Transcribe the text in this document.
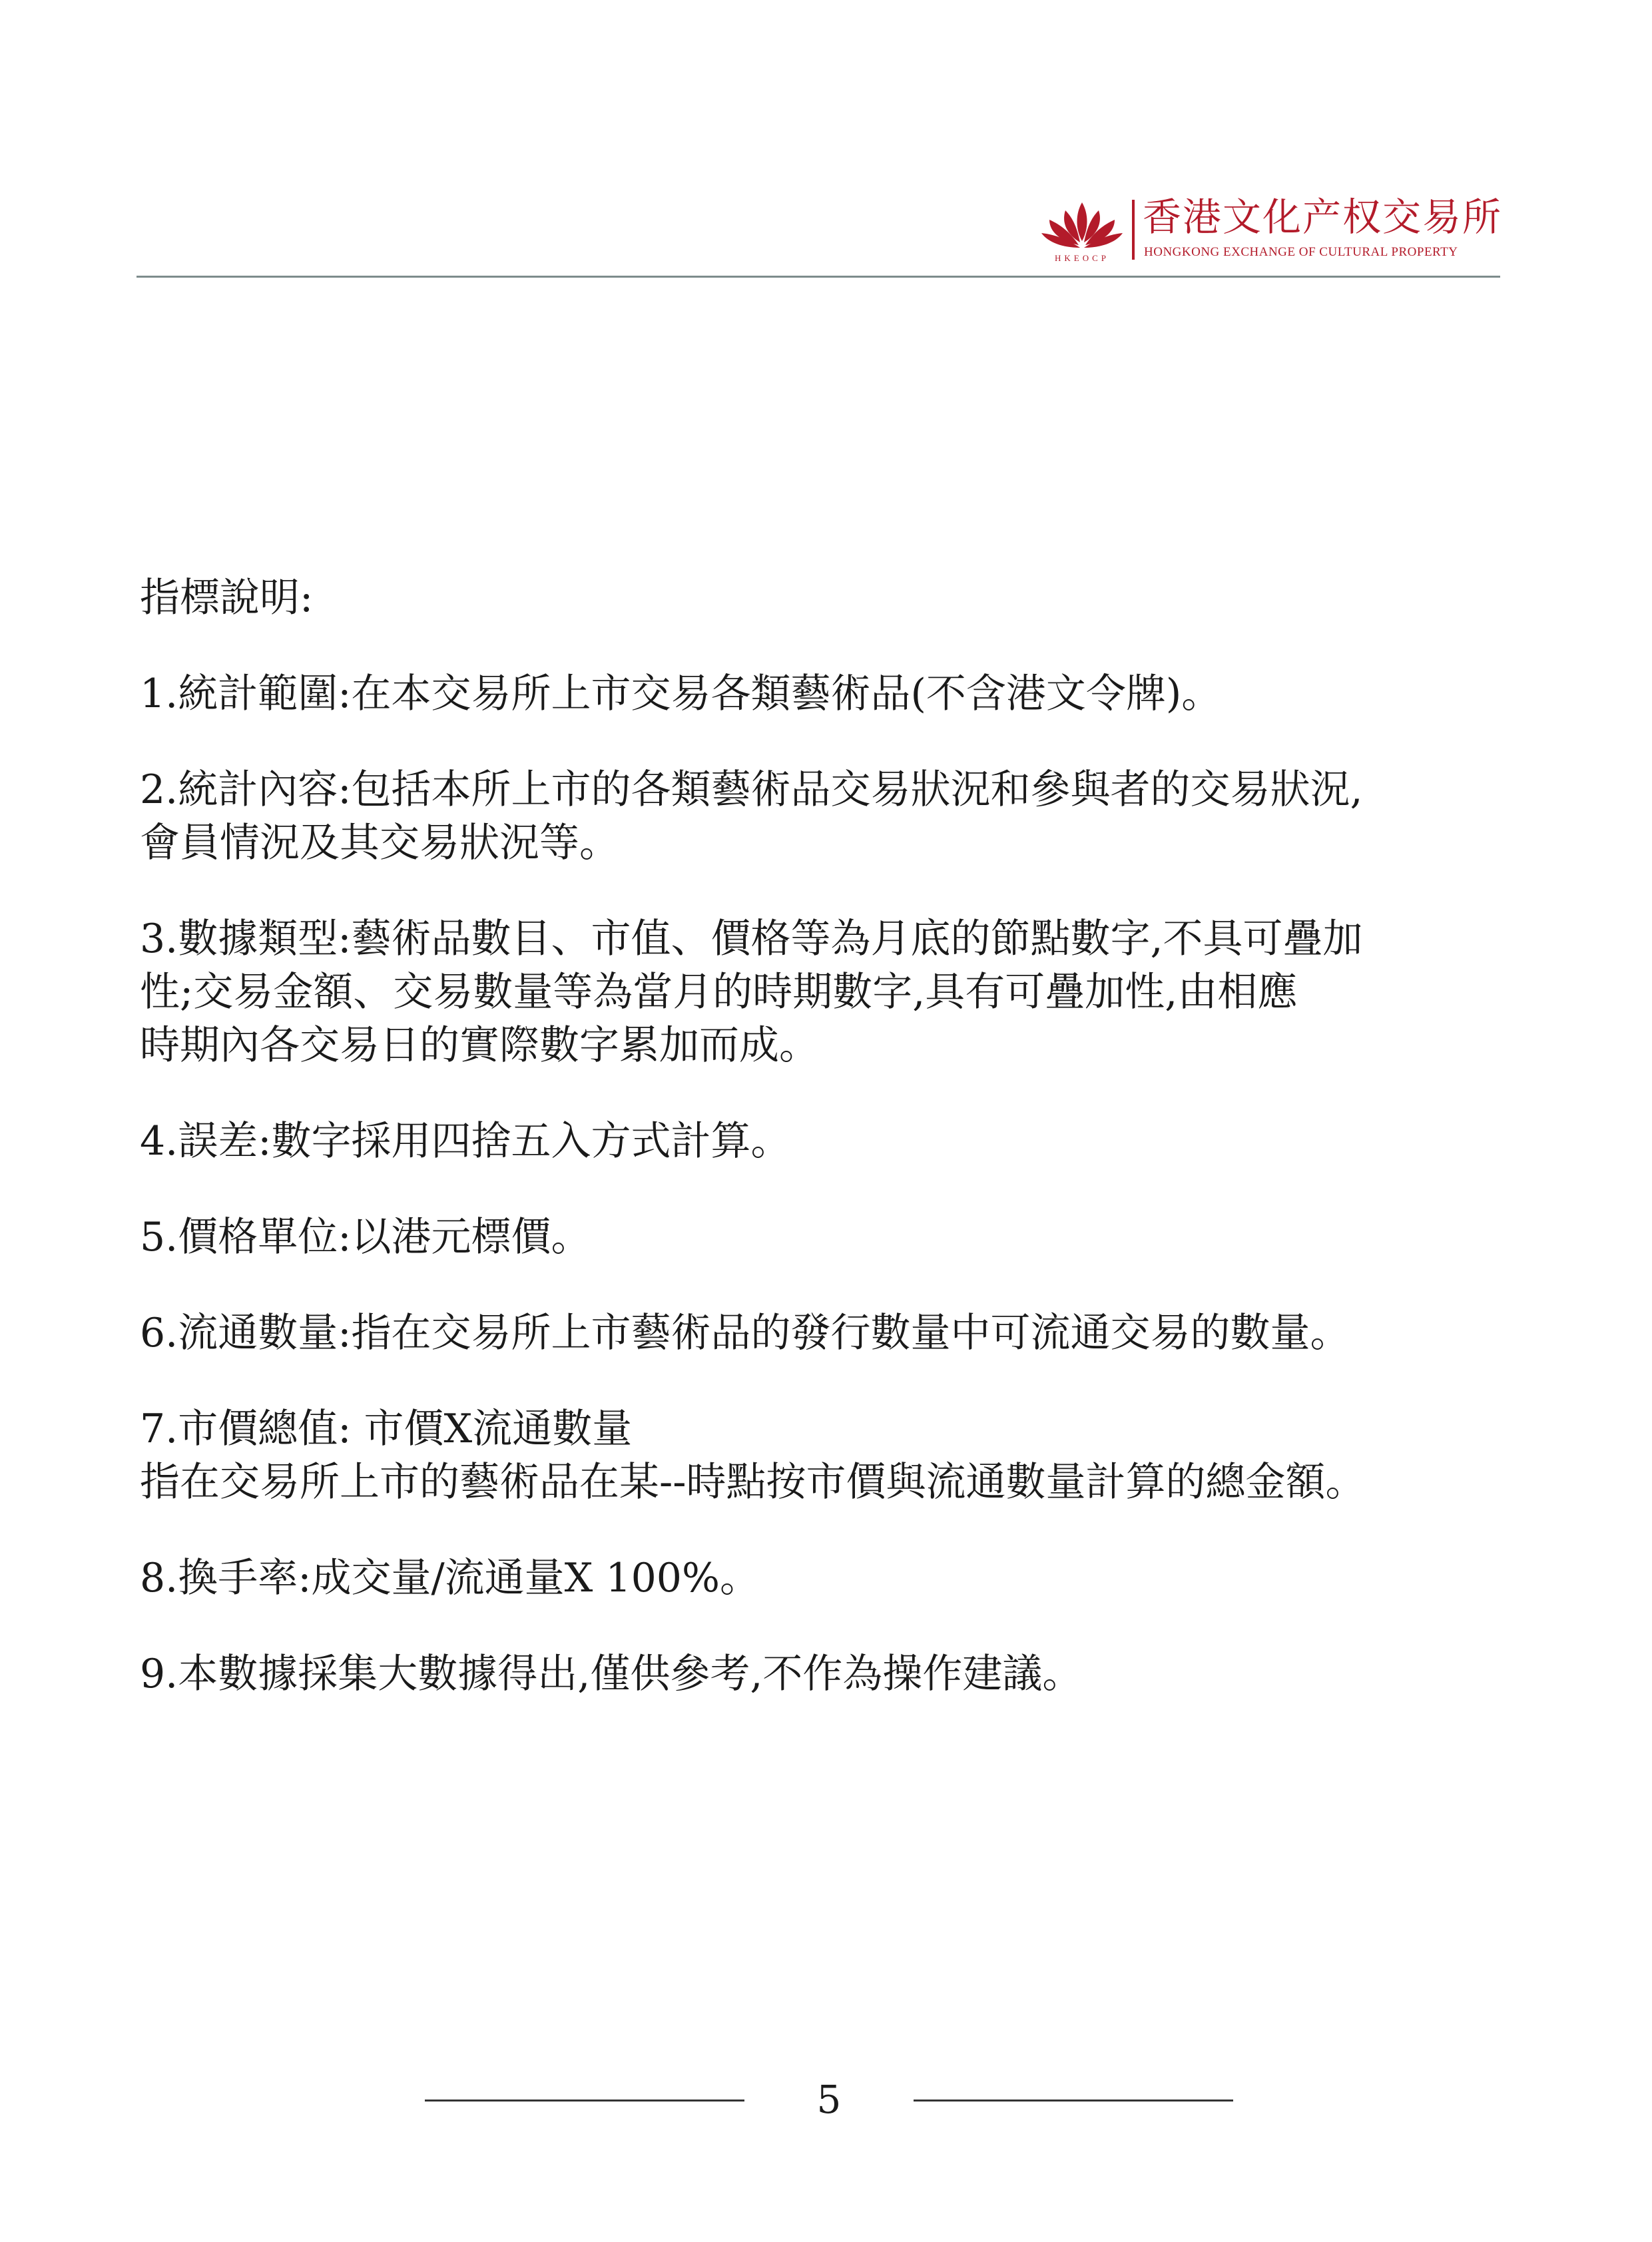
HKEOCP
香港文化产权交易所
HONGKONG EXCHANGE OF CULTURAL PROPERTY
指標說明:

1.統計範圍:在本交易所上市交易各類藝術品(不含港文令牌)。

2.統計內容:包括本所上市的各類藝術品交易狀況和參與者的交易狀況,

會員情況及其交易狀況等。

3.數據類型:藝術品數目、市值、價格等為月底的節點數字,不具可疊加

性;交易金額、交易數量等為當月的時期數字,具有可疊加性,由相應

時期內各交易日的實際數字累加而成。

4.誤差:數字採用四捨五入方式計算。

5.價格單位:以港元標價。

6.流通數量:指在交易所上市藝術品的發行數量中可流通交易的數量。

7.市價總值: 市價X流通數量

指在交易所上市的藝術品在某--時點按市價與流通數量計算的總金額。

8.換手率:成交量/流通量X 100%。

9.本數據採集大數據得出,僅供參考,不作為操作建議。

5
